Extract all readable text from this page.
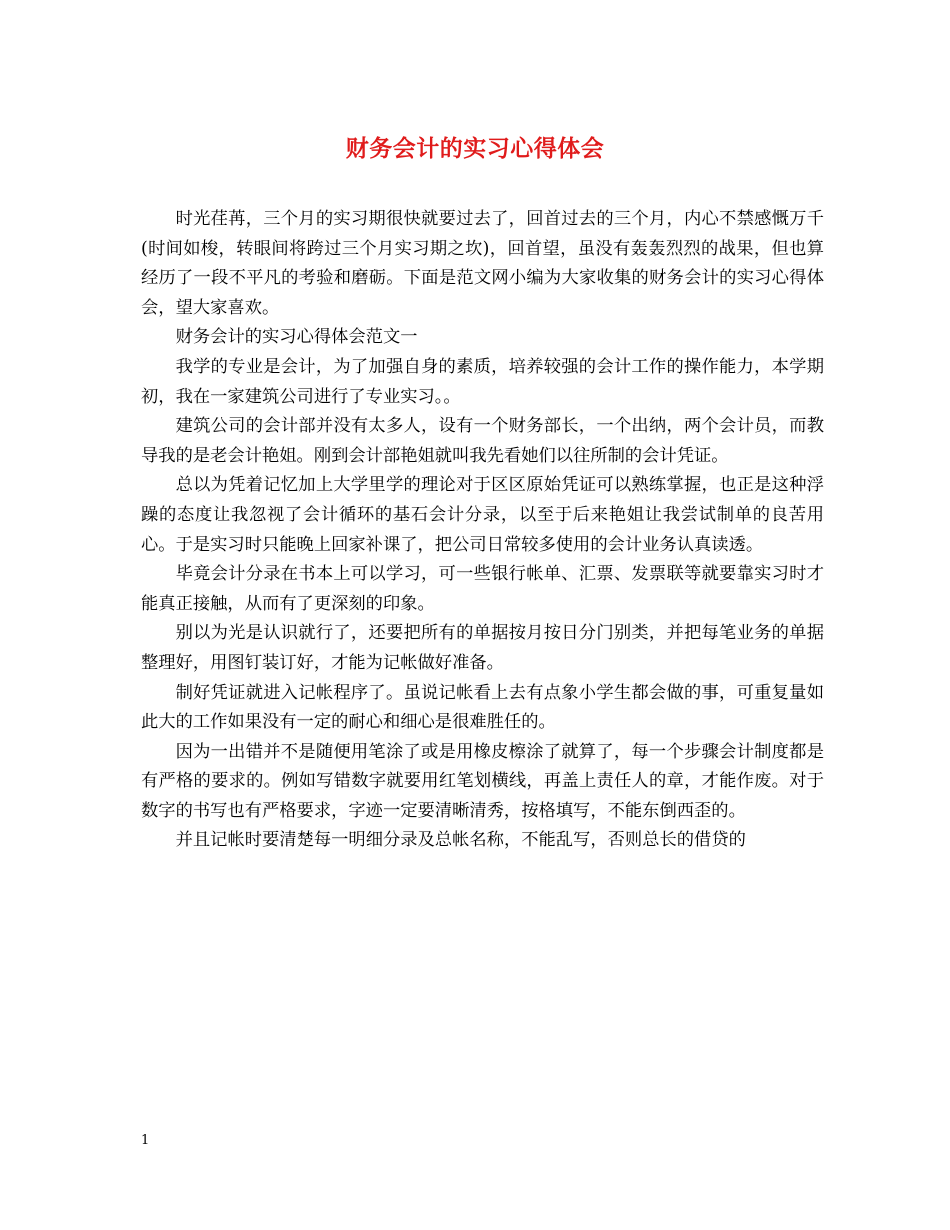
财务会计的实习心得体会

时光荏苒，三个月的实习期很快就要过去了，回首过去的三个月，内心不禁感慨万千(时间如梭，转眼间将跨过三个月实习期之坎)，回首望，虽没有轰轰烈烈的战果，但也算经历了一段不平凡的考验和磨砺。下面是范文网小编为大家收集的财务会计的实习心得体会，望大家喜欢。

财务会计的实习心得体会范文一

我学的专业是会计，为了加强自身的素质，培养较强的会计工作的操作能力，本学期初，我在一家建筑公司进行了专业实习。。

建筑公司的会计部并没有太多人，设有一个财务部长，一个出纳，两个会计员，而教导我的是老会计艳姐。刚到会计部艳姐就叫我先看她们以往所制的会计凭证。

总以为凭着记忆加上大学里学的理论对于区区原始凭证可以熟练掌握，也正是这种浮躁的态度让我忽视了会计循环的基石会计分录，以至于后来艳姐让我尝试制单的良苦用心。于是实习时只能晚上回家补课了，把公司日常较多使用的会计业务认真读透。

毕竟会计分录在书本上可以学习，可一些银行帐单、汇票、发票联等就要靠实习时才能真正接触，从而有了更深刻的印象。

别以为光是认识就行了，还要把所有的单据按月按日分门别类，并把每笔业务的单据整理好，用图钉装订好，才能为记帐做好准备。

制好凭证就进入记帐程序了。虽说记帐看上去有点象小学生都会做的事，可重复量如此大的工作如果没有一定的耐心和细心是很难胜任的。

因为一出错并不是随便用笔涂了或是用橡皮檫涂了就算了，每一个步骤会计制度都是有严格的要求的。例如写错数字就要用红笔划横线，再盖上责任人的章，才能作废。对于数字的书写也有严格要求，字迹一定要清晰清秀，按格填写，不能东倒西歪的。

并且记帐时要清楚每一明细分录及总帐名称，不能乱写，否则总长的借贷的

1
